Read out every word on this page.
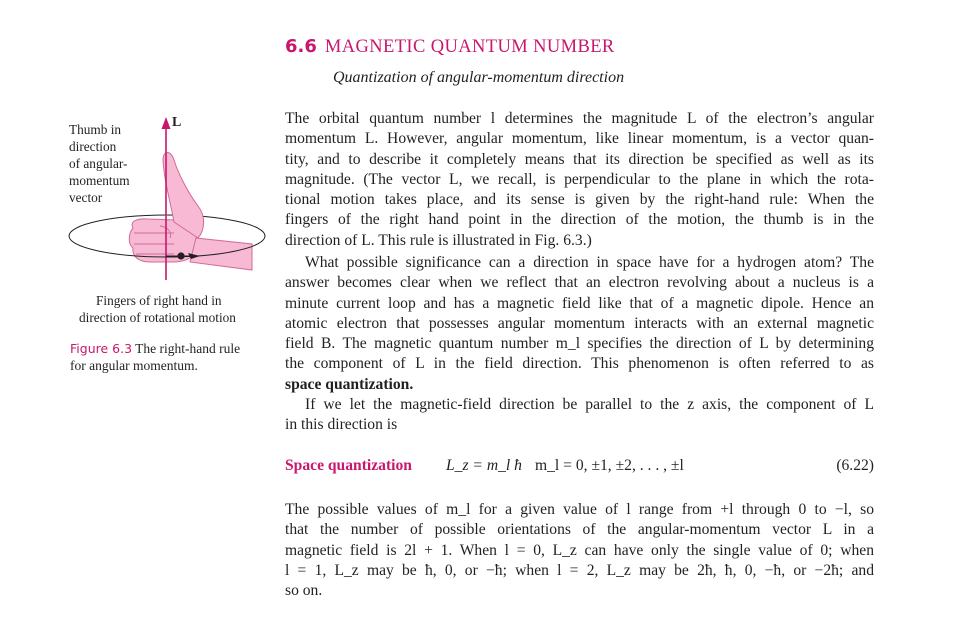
6.6 MAGNETIC QUANTUM NUMBER
Quantization of angular-momentum direction
L
Thumb in
direction
of angular-
momentum
vector
Fingers of right hand in
direction of rotational motion
Figure 6.3 The right-hand rule
for angular momentum.

The orbital quantum number l determines the magnitude L of the electron’s angular
momentum L. However, angular momentum, like linear momentum, is a vector quan-
tity, and to describe it completely means that its direction be specified as well as its
magnitude. (The vector L, we recall, is perpendicular to the plane in which the rota-
tional motion takes place, and its sense is given by the right-hand rule: When the
fingers of the right hand point in the direction of the motion, the thumb is in the
direction of L. This rule is illustrated in Fig. 6.3.)

What possible significance can a direction in space have for a hydrogen atom? The
answer becomes clear when we reflect that an electron revolving about a nucleus is a
minute current loop and has a magnetic field like that of a magnetic dipole. Hence an
atomic electron that possesses angular momentum interacts with an external magnetic
field B. The magnetic quantum number m_l specifies the direction of L by determining
the component of L in the field direction. This phenomenon is often referred to as
space quantization.

If we let the magnetic-field direction be parallel to the z axis, the component of L
in this direction is

Space quantization L_z = m_l ħ m_l = 0, ±1, ±2, . . . , ±l	(6.22)

The possible values of m_l for a given value of l range from +l through 0 to −l, so
that the number of possible orientations of the angular-momentum vector L in a
magnetic field is 2l + 1. When l = 0, L_z can have only the single value of 0; when
l = 1, L_z may be ħ, 0, or −ħ; when l = 2, L_z may be 2ħ, ħ, 0, −ħ, or −2ħ; and
so on.
